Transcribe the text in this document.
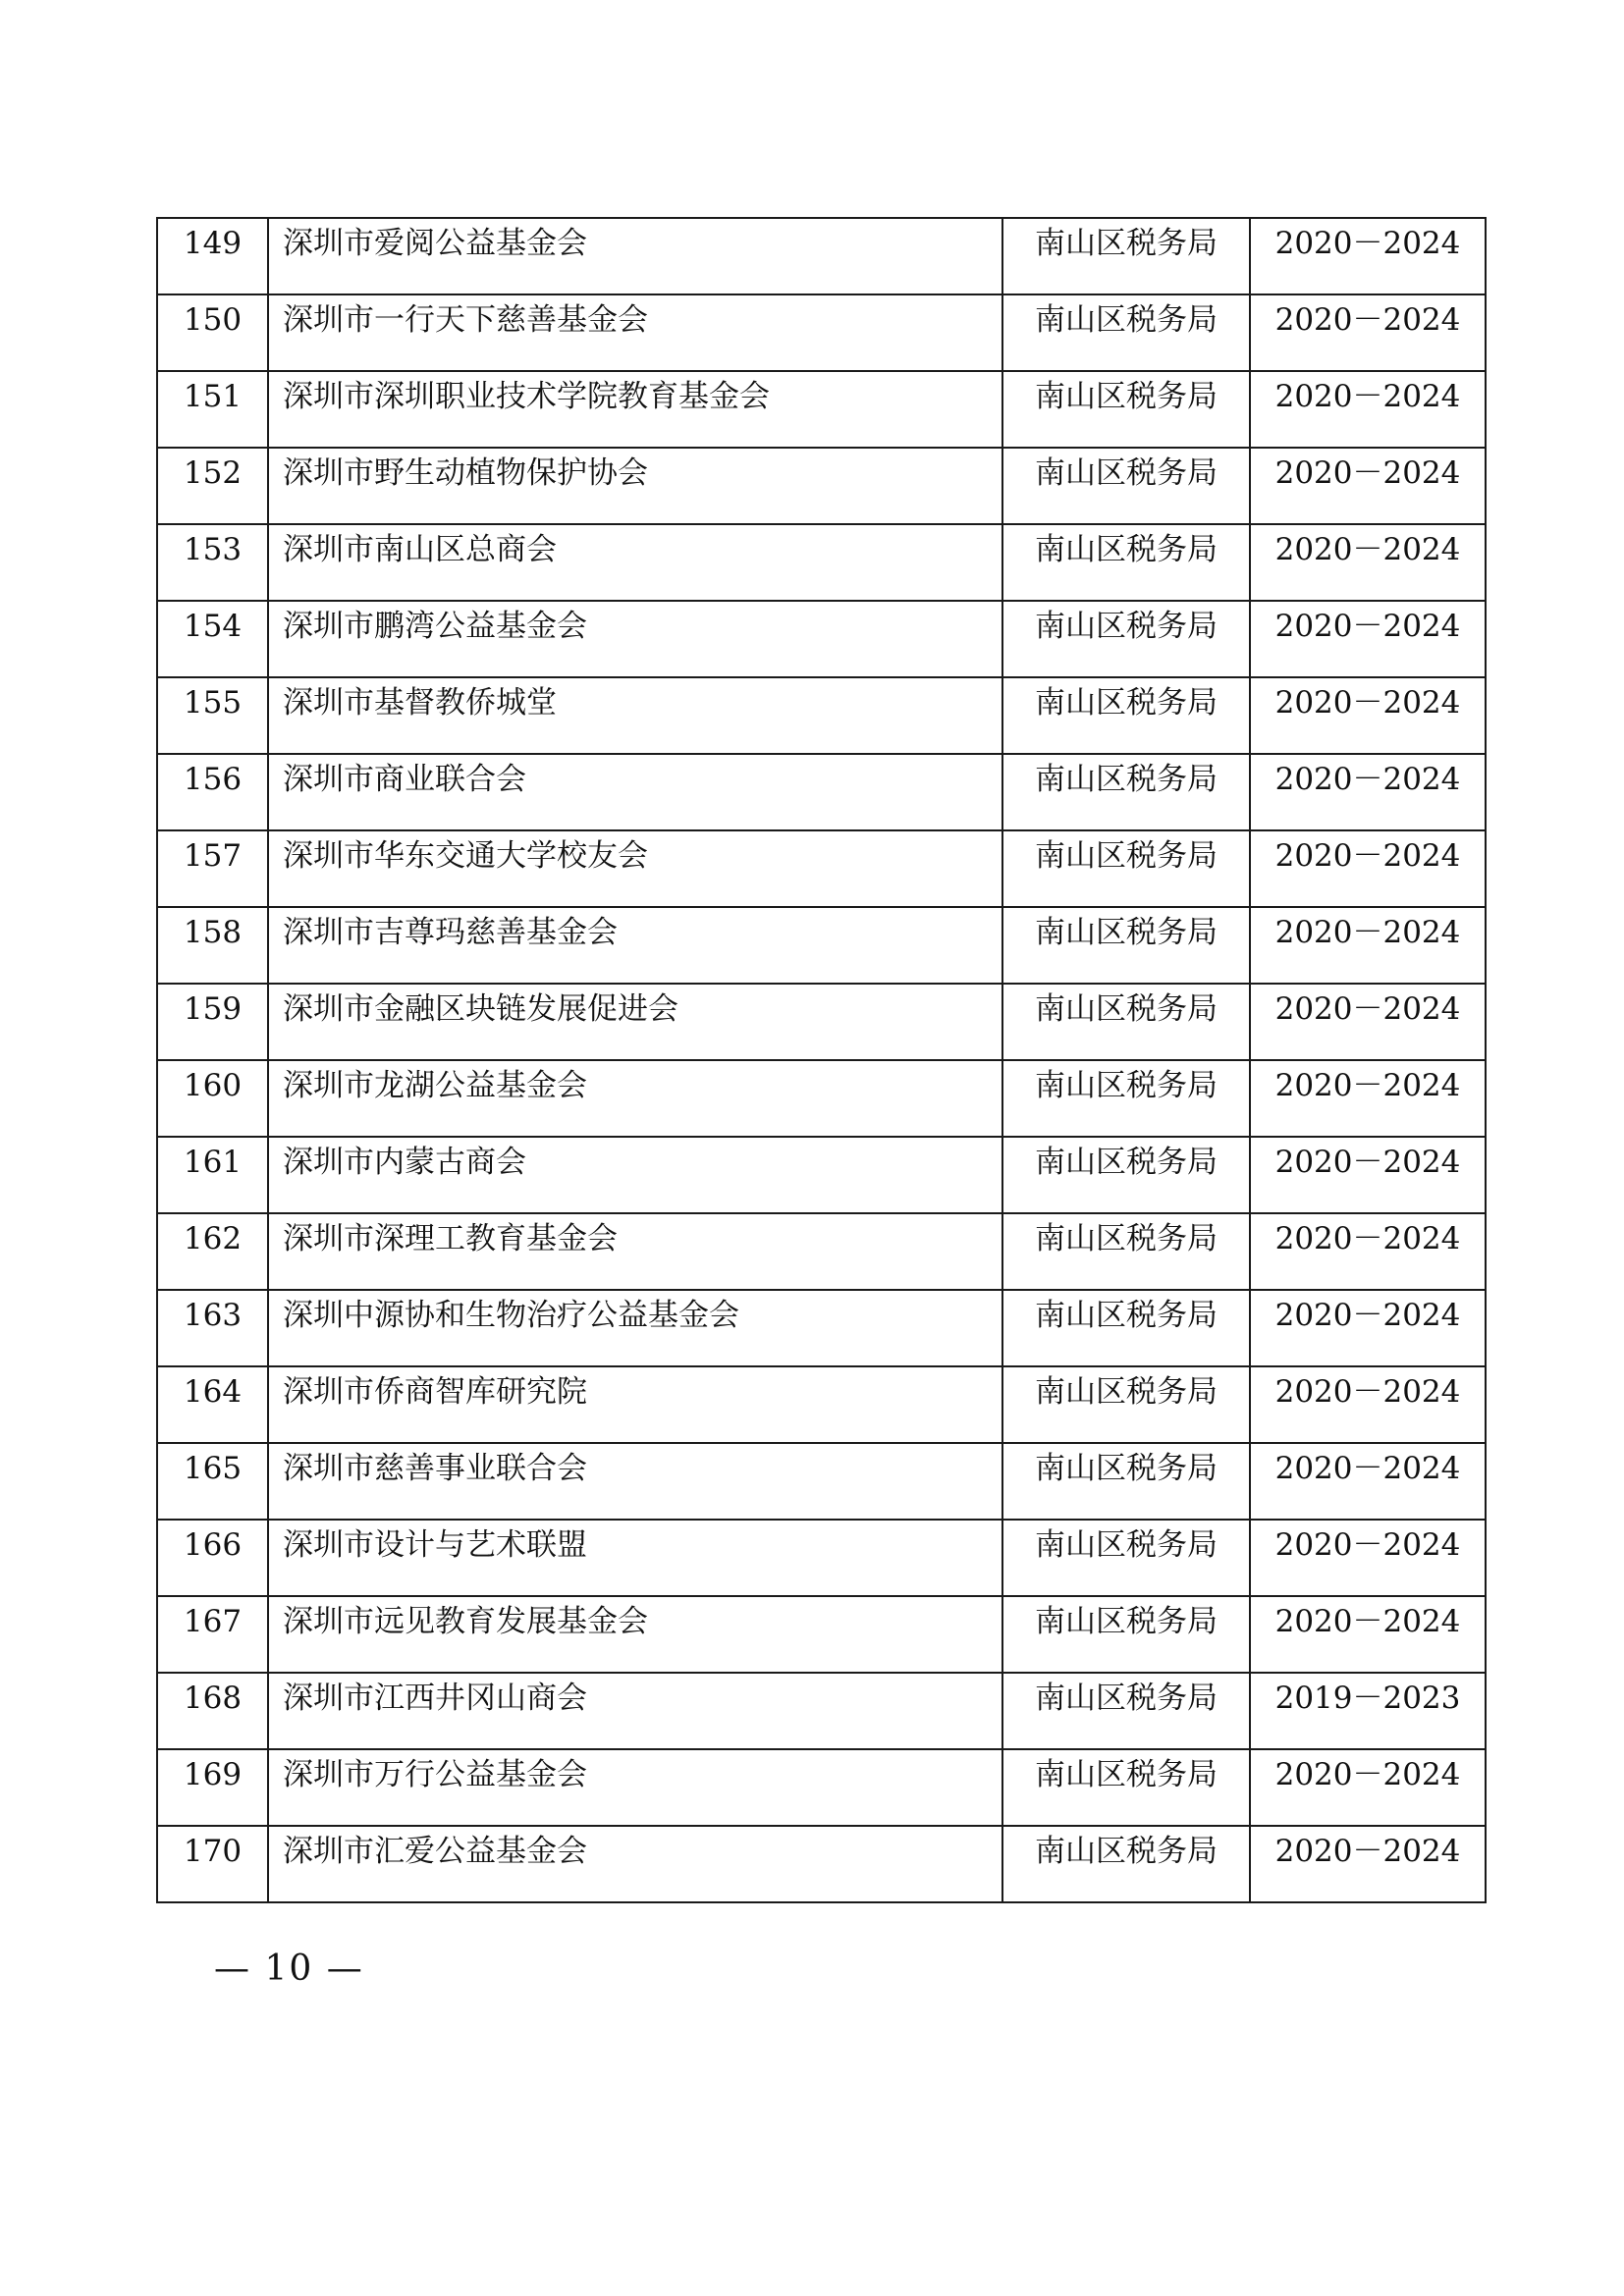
149	深圳市爱阅公益基金会	南山区税务局	2020－2024

150	深圳市一行天下慈善基金会	南山区税务局	2020－2024

151	深圳市深圳职业技术学院教育基金会	南山区税务局	2020－2024

152	深圳市野生动植物保护协会	南山区税务局	2020－2024

153	深圳市南山区总商会	南山区税务局	2020－2024

154	深圳市鹏湾公益基金会	南山区税务局	2020－2024

155	深圳市基督教侨城堂	南山区税务局	2020－2024

156	深圳市商业联合会	南山区税务局	2020－2024

157	深圳市华东交通大学校友会	南山区税务局	2020－2024

158	深圳市吉尊玛慈善基金会	南山区税务局	2020－2024

159	深圳市金融区块链发展促进会	南山区税务局	2020－2024

160	深圳市龙湖公益基金会	南山区税务局	2020－2024

161	深圳市内蒙古商会	南山区税务局	2020－2024

162	深圳市深理工教育基金会	南山区税务局	2020－2024

163	深圳中源协和生物治疗公益基金会	南山区税务局	2020－2024

164	深圳市侨商智库研究院	南山区税务局	2020－2024

165	深圳市慈善事业联合会	南山区税务局	2020－2024

166	深圳市设计与艺术联盟	南山区税务局	2020－2024

167	深圳市远见教育发展基金会	南山区税务局	2020－2024

168	深圳市江西井冈山商会	南山区税务局	2019－2023

169	深圳市万行公益基金会	南山区税务局	2020－2024

170	深圳市汇爱公益基金会	南山区税务局	2020－2024
— 10 —
